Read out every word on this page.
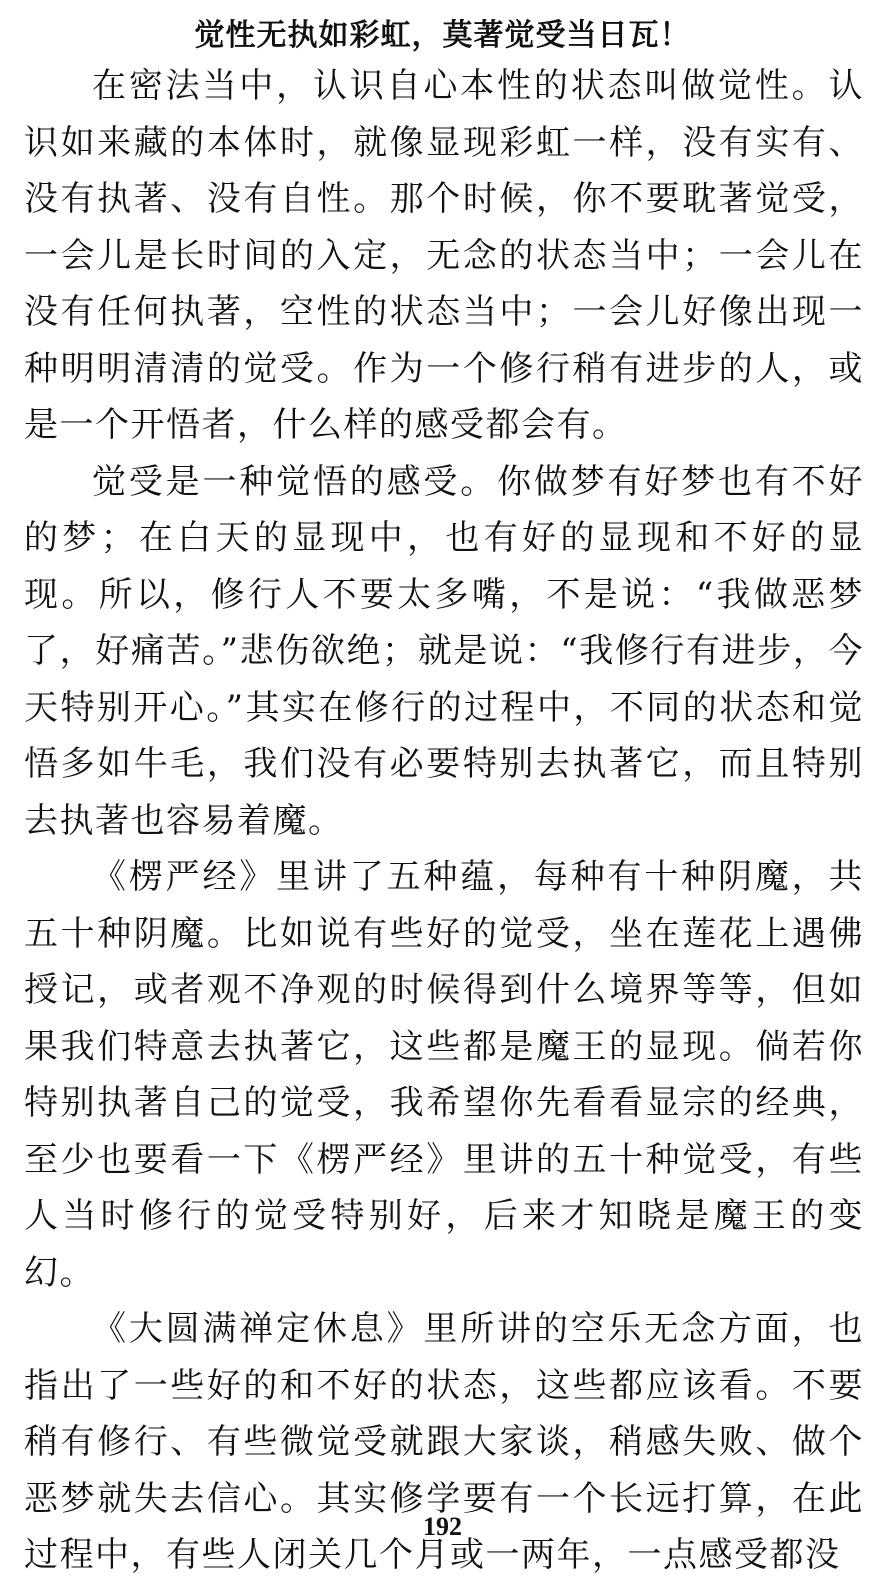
觉性无执如彩虹，莫著觉受当日瓦！

在密法当中，认识自心本性的状态叫做觉性。认识如来藏的本体时，就像显现彩虹一样，没有实有、没有执著、没有自性。那个时候，你不要耽著觉受，一会儿是长时间的入定，无念的状态当中；一会儿在没有任何执著，空性的状态当中；一会儿好像出现一种明明清清的觉受。作为一个修行稍有进步的人，或是一个开悟者，什么样的感受都会有。

觉受是一种觉悟的感受。你做梦有好梦也有不好的梦；在白天的显现中，也有好的显现和不好的显现。所以，修行人不要太多嘴，不是说：“我做恶梦了，好痛苦。”悲伤欲绝；就是说：“我修行有进步，今天特别开心。”其实在修行的过程中，不同的状态和觉悟多如牛毛，我们没有必要特别去执著它，而且特别去执著也容易着魔。

《楞严经》里讲了五种蕴，每种有十种阴魔，共五十种阴魔。比如说有些好的觉受，坐在莲花上遇佛授记，或者观不净观的时候得到什么境界等等，但如果我们特意去执著它，这些都是魔王的显现。倘若你特别执著自己的觉受，我希望你先看看显宗的经典，至少也要看一下《楞严经》里讲的五十种觉受，有些人当时修行的觉受特别好，后来才知晓是魔王的变幻。

《大圆满禅定休息》里所讲的空乐无念方面，也指出了一些好的和不好的状态，这些都应该看。不要稍有修行、有些微觉受就跟大家谈，稍感失败、做个恶梦就失去信心。其实修学要有一个长远打算，在此过程中，有些人闭关几个月或一两年，一点感受都没

192
